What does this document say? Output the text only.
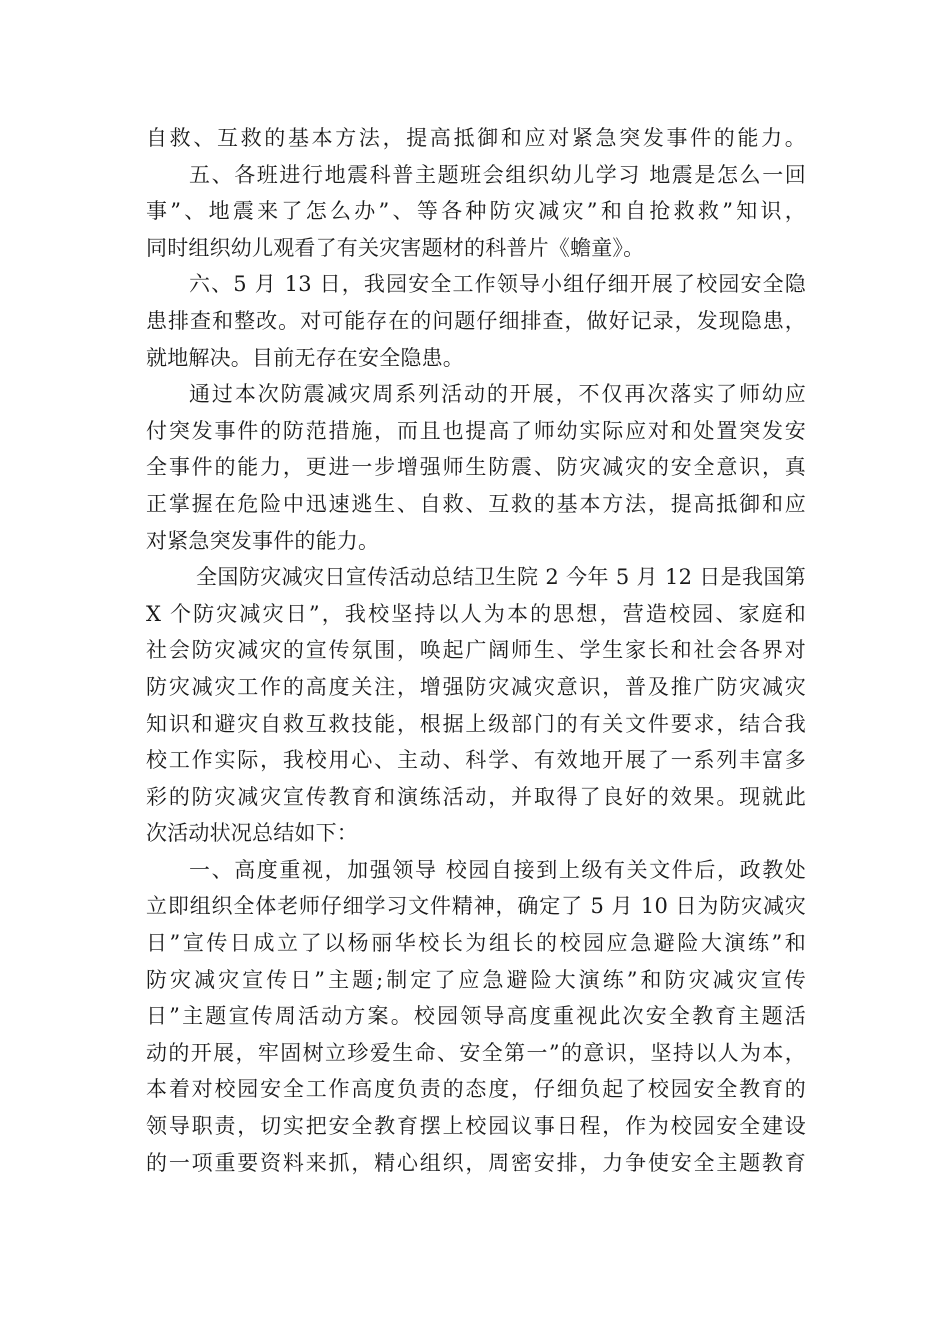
自救、互救的基本方法，提高抵御和应对紧急突发事件的能力。
五、各班进行地震科普主题班会组织幼儿学习 地震是怎么一回
事”、地震来了怎么办”、等各种防灾减灾”和自抢救救”知识，
同时组织幼儿观看了有关灾害题材的科普片《蟾童》。
六、5 月 13 日，我园安全工作领导小组仔细开展了校园安全隐
患排查和整改。对可能存在的问题仔细排查，做好记录，发现隐患，
就地解决。目前无存在安全隐患。
通过本次防震减灾周系列活动的开展，不仅再次落实了师幼应
付突发事件的防范措施，而且也提高了师幼实际应对和处置突发安
全事件的能力，更进一步增强师生防震、防灾减灾的安全意识，真
正掌握在危险中迅速逃生、自救、互救的基本方法，提高抵御和应
对紧急突发事件的能力。
全国防灾减灾日宣传活动总结卫生院 2 今年 5 月 12 日是我国第
X 个防灾减灾日”，我校坚持以人为本的思想，营造校园、家庭和
社会防灾减灾的宣传氛围，唤起广阔师生、学生家长和社会各界对
防灾减灾工作的高度关注，增强防灾减灾意识，普及推广防灾减灾
知识和避灾自救互救技能，根据上级部门的有关文件要求，结合我
校工作实际，我校用心、主动、科学、有效地开展了一系列丰富多
彩的防灾减灾宣传教育和演练活动，并取得了良好的效果。现就此
次活动状况总结如下：
一、高度重视，加强领导 校园自接到上级有关文件后，政教处
立即组织全体老师仔细学习文件精神，确定了 5 月 10 日为防灾减灾
日”宣传日成立了以杨丽华校长为组长的校园应急避险大演练”和
防灾减灾宣传日”主题;制定了应急避险大演练”和防灾减灾宣传
日”主题宣传周活动方案。校园领导高度重视此次安全教育主题活
动的开展，牢固树立珍爱生命、安全第一”的意识，坚持以人为本，
本着对校园安全工作高度负责的态度，仔细负起了校园安全教育的
领导职责，切实把安全教育摆上校园议事日程，作为校园安全建设
的一项重要资料来抓，精心组织，周密安排，力争使安全主题教育
